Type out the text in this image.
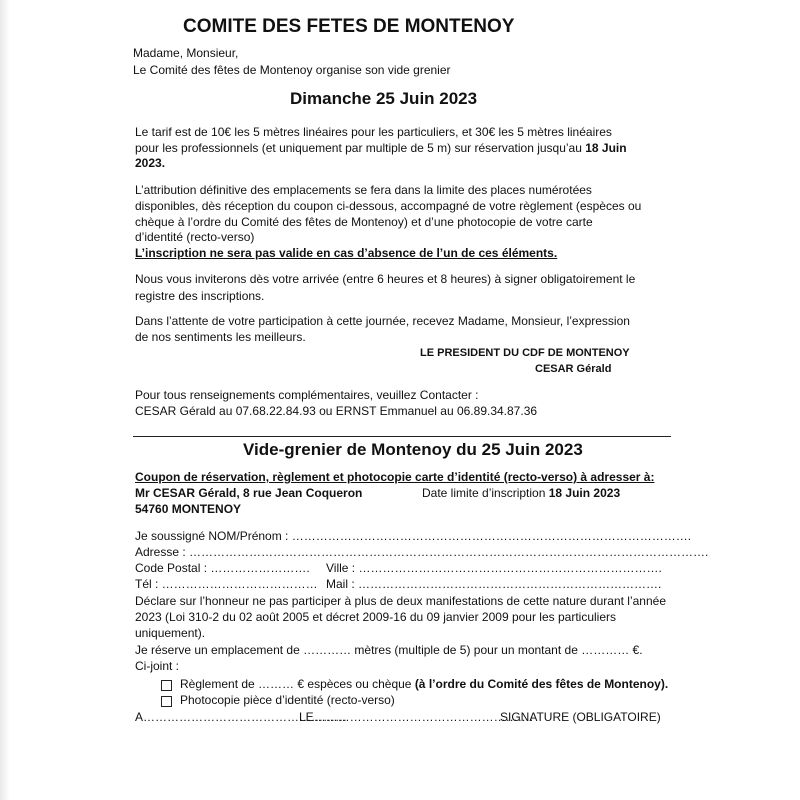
COMITE DES FETES DE MONTENOY
Madame, Monsieur,
Le Comité des fêtes de Montenoy organise son vide grenier
Dimanche 25 Juin 2023
Le tarif est de 10€ les 5 mètres linéaires pour les particuliers, et 30€ les 5 mètres linéaires
pour les professionnels (et uniquement par multiple de 5 m) sur réservation jusqu’au 18 Juin
2023.
L’attribution définitive des emplacements se fera dans la limite des places numérotées
disponibles, dès réception du coupon ci-dessous, accompagné de votre règlement (espèces ou
chèque à l’ordre du Comité des fêtes de Montenoy) et d’une photocopie de votre carte
d’identité (recto-verso)
L’inscription ne sera pas valide en cas d’absence de l’un de ces éléments.
Nous vous inviterons dès votre arrivée (entre 6 heures et 8 heures) à signer obligatoirement le
registre des inscriptions.
Dans l’attente de votre participation à cette journée, recevez Madame, Monsieur, l’expression
de nos sentiments les meilleurs.
LE PRESIDENT DU CDF DE MONTENOY
CESAR Gérald
Pour tous renseignements complémentaires, veuillez Contacter :
CESAR Gérald au 07.68.22.84.93 ou ERNST Emmanuel au 06.89.34.87.36
Vide-grenier de Montenoy du 25 Juin 2023
Coupon de réservation, règlement et photocopie carte d’identité (recto-verso) à adresser à:
Mr CESAR Gérald, 8 rue Jean Coqueron	Date limite d’inscription 18 Juin 2023
54760 MONTENOY
Je soussigné NOM/Prénom : ……………………………………………………………………………………….
Adresse : ………………………………………………………………………………………………………………….
Code Postal : ……………………. Ville : ………………………………………………………………….
Tél : ………………………………… Mail : ………………………………………………………………….
Déclare sur l’honneur ne pas participer à plus de deux manifestations de cette nature durant l’année
2023 (Loi 310-2 du 02 août 2005 et décret 2009-16 du 09 janvier 2009 pour les particuliers
uniquement).
Je réserve un emplacement de ………… mètres (multiple de 5) pour un montant de ………… €.
Ci-joint :
Règlement de ……… € espèces ou chèque (à l’ordre du Comité des fêtes de Montenoy).
Photocopie pièce d’identité (recto-verso)
A……………………………………………
LE……………………………………………….
SIGNATURE (OBLIGATOIRE)
